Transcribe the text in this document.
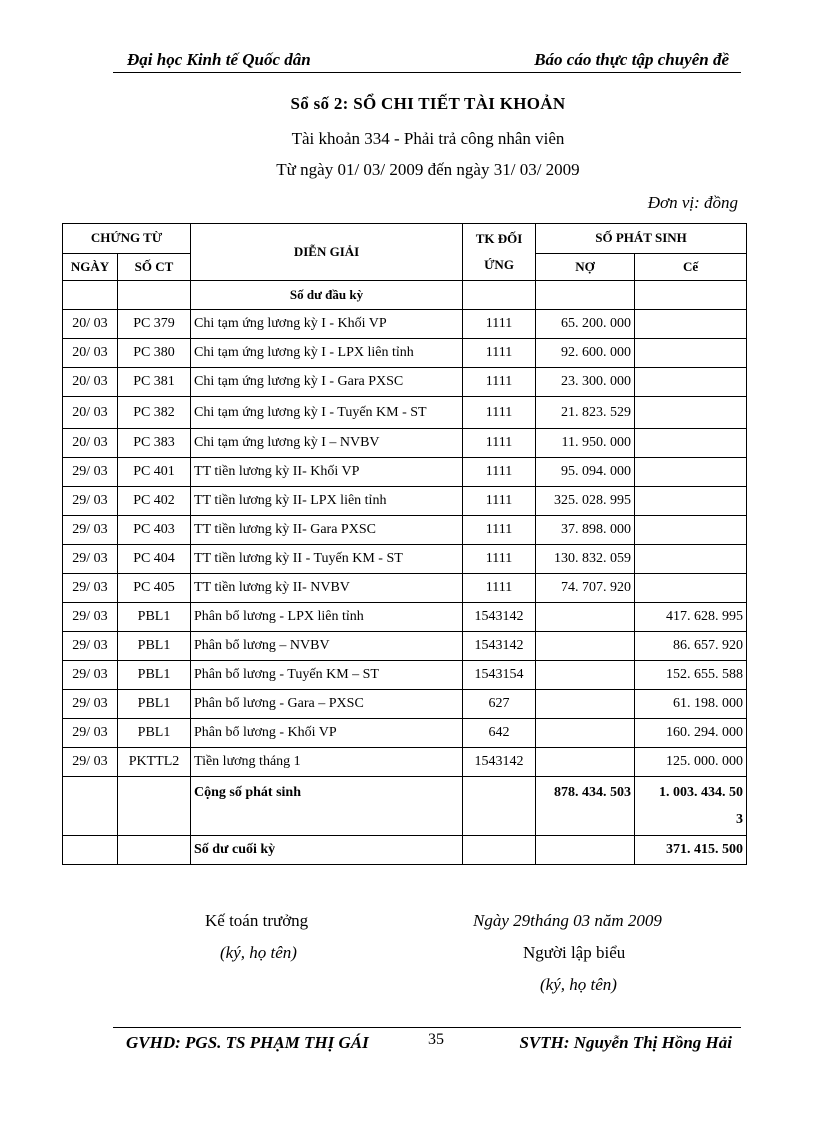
Đại học Kinh tế Quốc dân	Báo cáo thực tập chuyên đề
Sổ số 2: SỔ CHI TIẾT TÀI KHOẢN
Tài khoản 334 - Phải trả công nhân viên
Từ ngày 01/ 03/ 2009 đến ngày 31/ 03/ 2009
Đơn vị: đồng
CHỨNG TỪ		DIỄN GIẢI	TK ĐỐI ỨNG	SỐ PHÁT SINH	
NGÀY	SỐ CT			NỢ	Cế
		Số dư đầu kỳ			
20/ 03	PC 379	Chi tạm ứng lương kỳ I - Khối VP	1111	65. 200. 000	
20/ 03	PC 380	Chi tạm ứng lương kỳ I - LPX liên tỉnh	1111	92. 600. 000	
20/ 03	PC 381	Chi tạm ứng lương kỳ I - Gara PXSC	1111	23. 300. 000	
20/ 03	PC 382	Chi tạm ứng lương kỳ I - Tuyến KM - ST	1111	21. 823. 529	
20/ 03	PC 383	Chi tạm ứng lương kỳ I – NVBV	1111	11. 950. 000	
29/ 03	PC 401	TT tiền lương kỳ II- Khối VP	1111	95. 094. 000	
29/ 03	PC 402	TT tiền lương kỳ II- LPX liên tỉnh	1111	325. 028. 995	
29/ 03	PC 403	TT tiền lương kỳ II- Gara PXSC	1111	37. 898. 000	
29/ 03	PC 404	TT tiền lương kỳ II - Tuyến KM - ST	1111	130. 832. 059	
29/ 03	PC 405	TT tiền lương kỳ II- NVBV	1111	74. 707. 920	
29/ 03	PBL1	Phân bổ lương - LPX liên tỉnh	1543142		417. 628. 995
29/ 03	PBL1	Phân bổ lương – NVBV	1543142		86. 657. 920
29/ 03	PBL1	Phân bổ lương - Tuyến KM – ST	1543154		152. 655. 588
29/ 03	PBL1	Phân bổ lương - Gara – PXSC	627		61. 198. 000
29/ 03	PBL1	Phân bổ lương - Khối VP	642		160. 294. 000
29/ 03	PKTTL2	Tiền lương tháng 1	1543142		125. 000. 000
		Cộng số phát sinh		878. 434. 503	1. 003. 434. 503
		Số dư cuối kỳ			371. 415. 500
Kế toán trưởng
(ký, họ tên)
Ngày 29tháng 03 năm 2009
Người lập biểu
(ký, họ tên)
GVHD: PGS. TS PHẠM THỊ GÁI	35	SVTH: Nguyễn Thị Hồng Hải
